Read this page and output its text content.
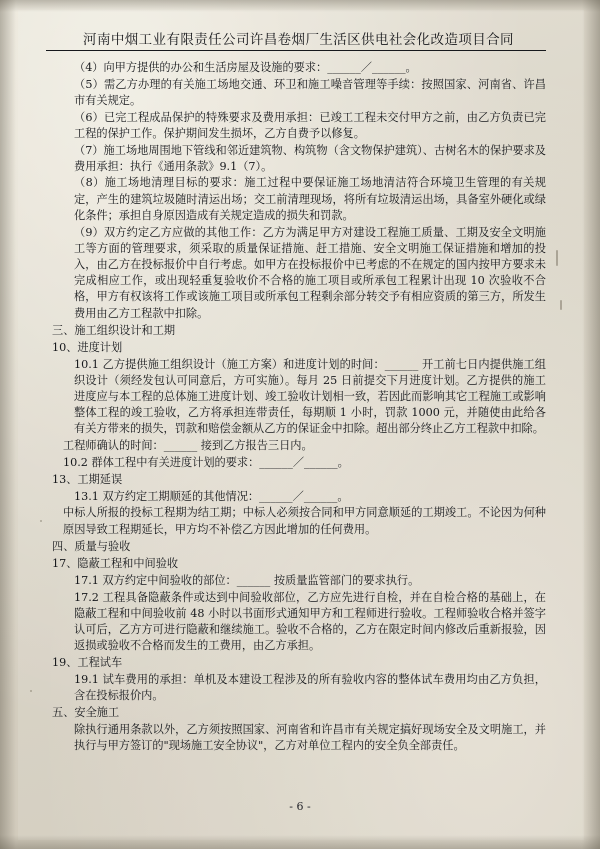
河南中烟工业有限责任公司许昌卷烟厂生活区供电社会化改造项目合同

（4）向甲方提供的办公和生活房屋及设施的要求：______／______。

（5）需乙方办理的有关施工场地交通、环卫和施工噪音管理等手续：按照国家、河南省、许昌市有关规定。

（6）已完工程成品保护的特殊要求及费用承担：已竣工工程未交付甲方之前，由乙方负责已完工程的保护工作。保护期间发生损坏，乙方自费予以修复。

（7）施工场地周围地下管线和邻近建筑物、构筑物（含文物保护建筑）、古树名木的保护要求及费用承担：执行《通用条款》9.1（7）。

（8）施工场地清理目标的要求：施工过程中要保证施工场地清洁符合环境卫生管理的有关规定，产生的建筑垃圾随时清运出场；交工前清理现场，将所有垃圾清运出场，具备室外硬化或绿化条件；承担自身原因造成有关规定造成的损失和罚款。

（9）双方约定乙方应做的其他工作：乙方为满足甲方对建设工程施工质量、工期及安全文明施工等方面的管理要求，须采取的质量保证措施、赶工措施、安全文明施工保证措施和增加的投入，由乙方在投标报价中自行考虑。如甲方在投标报价中已考虑的不在规定的国内按甲方要求未完成相应工作，或出现轻重复验收价不合格的施工项目或所承包工程累计出现 10 次验收不合格，甲方有权该将工作或该施工项目或所承包工程剩余部分转交予有相应资质的第三方，所发生费用由乙方工程款中扣除。

三、施工组织设计和工期

10、进度计划

10.1 乙方提供施工组织设计（施工方案）和进度计划的时间：______ 开工前七日内提供施工组织设计（须经发包认可同意后，方可实施）。每月 25 日前提交下月进度计划。乙方提供的施工进度应与本工程的总体施工进度计划、竣工验收计划相一致，若因此而影响其它工程施工或影响整体工程的竣工验收，乙方将承担连带责任，每期顺 1 小时，罚款 1000 元，并随使由此给各有关方带来的损失，罚款和赔偿金额从乙方的保证金中扣除。超出部分终止乙方工程款中扣除。

工程师确认的时间：______ 接到乙方报告三日内。

10.2 群体工程中有关进度计划的要求：______／______。

13、工期延误

13.1 双方约定工期顺延的其他情况：______／______。

中标人所报的投标工程期为结工期；中标人必须按合同和甲方同意顺延的工期竣工。不论因为何种原因导致工程期延长，甲方均不补偿乙方因此增加的任何费用。

四、质量与验收

17、隐蔽工程和中间验收

17.1 双方约定中间验收的部位：______ 按质量监管部门的要求执行。

17.2 工程具备隐蔽条件或达到中间验收部位，乙方应先进行自检，并在自检合格的基础上，在隐蔽工程和中间验收前 48 小时以书面形式通知甲方和工程师进行验收。工程师验收合格并签字认可后，乙方方可进行隐蔽和继续施工。验收不合格的，乙方在限定时间内修改后重新报验，因返损或验收不合格而发生的工费用，由乙方承担。

19、工程试车

19.1 试车费用的承担：单机及本建设工程涉及的所有验收内容的整体试车费用均由乙方负担，含在投标报价内。

五、安全施工

除执行通用条款以外，乙方须按照国家、河南省和许昌市有关规定搞好现场安全及文明施工，并执行与甲方签订的"现场施工安全协议"，乙方对单位工程内的安全负全部责任。

- 6 -
